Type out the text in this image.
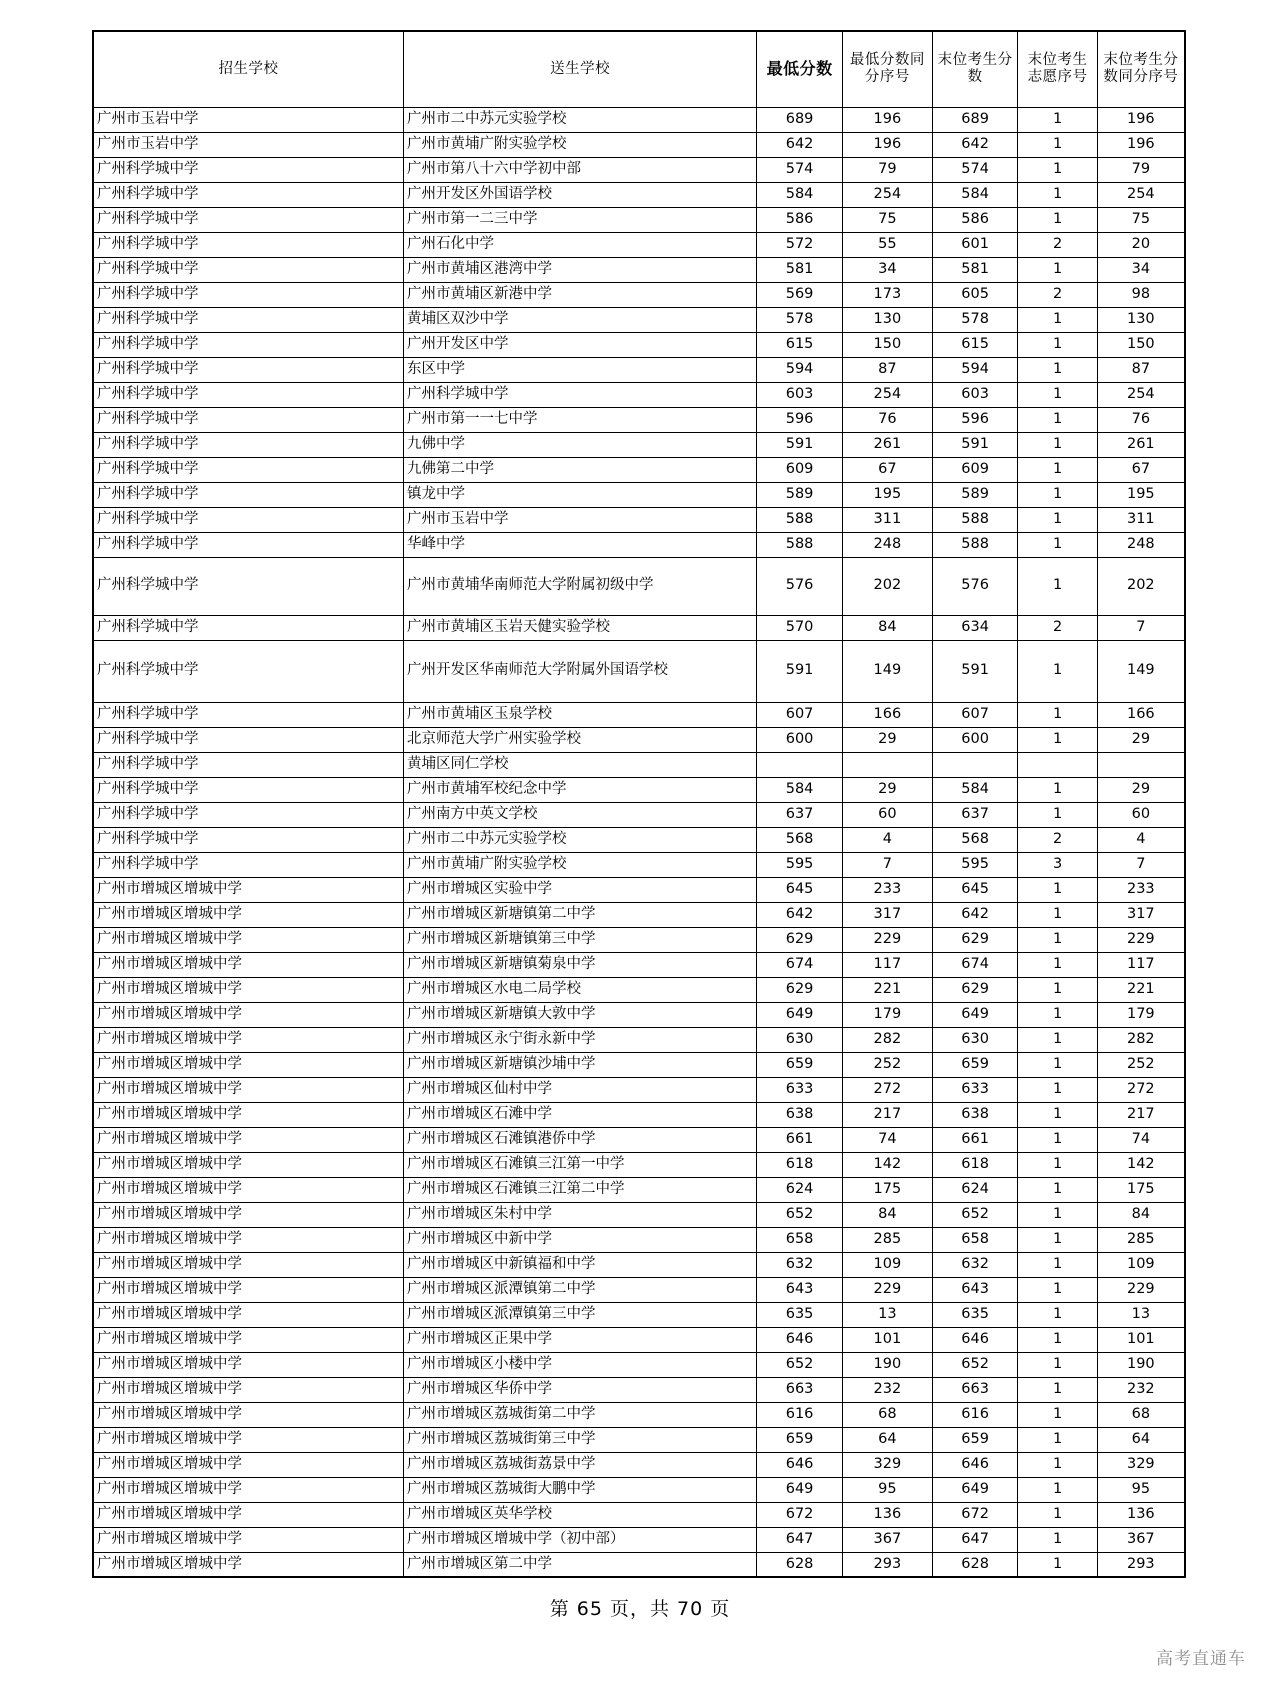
招生学校	送生学校	最低分数	最低分数同分序号	末位考生分数	末位考生志愿序号	末位考生分数同分序号
广州市玉岩中学	广州市二中苏元实验学校	689	196	689	1	196
广州市玉岩中学	广州市黄埔广附实验学校	642	196	642	1	196
广州科学城中学	广州市第八十六中学初中部	574	79	574	1	79
广州科学城中学	广州开发区外国语学校	584	254	584	1	254
广州科学城中学	广州市第一二三中学	586	75	586	1	75
广州科学城中学	广州石化中学	572	55	601	2	20
广州科学城中学	广州市黄埔区港湾中学	581	34	581	1	34
广州科学城中学	广州市黄埔区新港中学	569	173	605	2	98
广州科学城中学	黄埔区双沙中学	578	130	578	1	130
广州科学城中学	广州开发区中学	615	150	615	1	150
广州科学城中学	东区中学	594	87	594	1	87
广州科学城中学	广州科学城中学	603	254	603	1	254
广州科学城中学	广州市第一一七中学	596	76	596	1	76
广州科学城中学	九佛中学	591	261	591	1	261
广州科学城中学	九佛第二中学	609	67	609	1	67
广州科学城中学	镇龙中学	589	195	589	1	195
广州科学城中学	广州市玉岩中学	588	311	588	1	311
广州科学城中学	华峰中学	588	248	588	1	248
广州科学城中学	广州市黄埔华南师范大学附属初级中学	576	202	576	1	202
广州科学城中学	广州市黄埔区玉岩天健实验学校	570	84	634	2	7
广州科学城中学	广州开发区华南师范大学附属外国语学校	591	149	591	1	149
广州科学城中学	广州市黄埔区玉泉学校	607	166	607	1	166
广州科学城中学	北京师范大学广州实验学校	600	29	600	1	29
广州科学城中学	黄埔区同仁学校					
广州科学城中学	广州市黄埔军校纪念中学	584	29	584	1	29
广州科学城中学	广州南方中英文学校	637	60	637	1	60
广州科学城中学	广州市二中苏元实验学校	568	4	568	2	4
广州科学城中学	广州市黄埔广附实验学校	595	7	595	3	7
广州市增城区增城中学	广州市增城区实验中学	645	233	645	1	233
广州市增城区增城中学	广州市增城区新塘镇第二中学	642	317	642	1	317
广州市增城区增城中学	广州市增城区新塘镇第三中学	629	229	629	1	229
广州市增城区增城中学	广州市增城区新塘镇菊泉中学	674	117	674	1	117
广州市增城区增城中学	广州市增城区水电二局学校	629	221	629	1	221
广州市增城区增城中学	广州市增城区新塘镇大敦中学	649	179	649	1	179
广州市增城区增城中学	广州市增城区永宁街永新中学	630	282	630	1	282
广州市增城区增城中学	广州市增城区新塘镇沙埔中学	659	252	659	1	252
广州市增城区增城中学	广州市增城区仙村中学	633	272	633	1	272
广州市增城区增城中学	广州市增城区石滩中学	638	217	638	1	217
广州市增城区增城中学	广州市增城区石滩镇港侨中学	661	74	661	1	74
广州市增城区增城中学	广州市增城区石滩镇三江第一中学	618	142	618	1	142
广州市增城区增城中学	广州市增城区石滩镇三江第二中学	624	175	624	1	175
广州市增城区增城中学	广州市增城区朱村中学	652	84	652	1	84
广州市增城区增城中学	广州市增城区中新中学	658	285	658	1	285
广州市增城区增城中学	广州市增城区中新镇福和中学	632	109	632	1	109
广州市增城区增城中学	广州市增城区派潭镇第二中学	643	229	643	1	229
广州市增城区增城中学	广州市增城区派潭镇第三中学	635	13	635	1	13
广州市增城区增城中学	广州市增城区正果中学	646	101	646	1	101
广州市增城区增城中学	广州市增城区小楼中学	652	190	652	1	190
广州市增城区增城中学	广州市增城区华侨中学	663	232	663	1	232
广州市增城区增城中学	广州市增城区荔城街第二中学	616	68	616	1	68
广州市增城区增城中学	广州市增城区荔城街第三中学	659	64	659	1	64
广州市增城区增城中学	广州市增城区荔城街荔景中学	646	329	646	1	329
广州市增城区增城中学	广州市增城区荔城街大鹏中学	649	95	649	1	95
广州市增城区增城中学	广州市增城区英华学校	672	136	672	1	136
广州市增城区增城中学	广州市增城区增城中学（初中部）	647	367	647	1	367
广州市增城区增城中学	广州市增城区第二中学	628	293	628	1	293
第 65 页，共 70 页
高考直通车
